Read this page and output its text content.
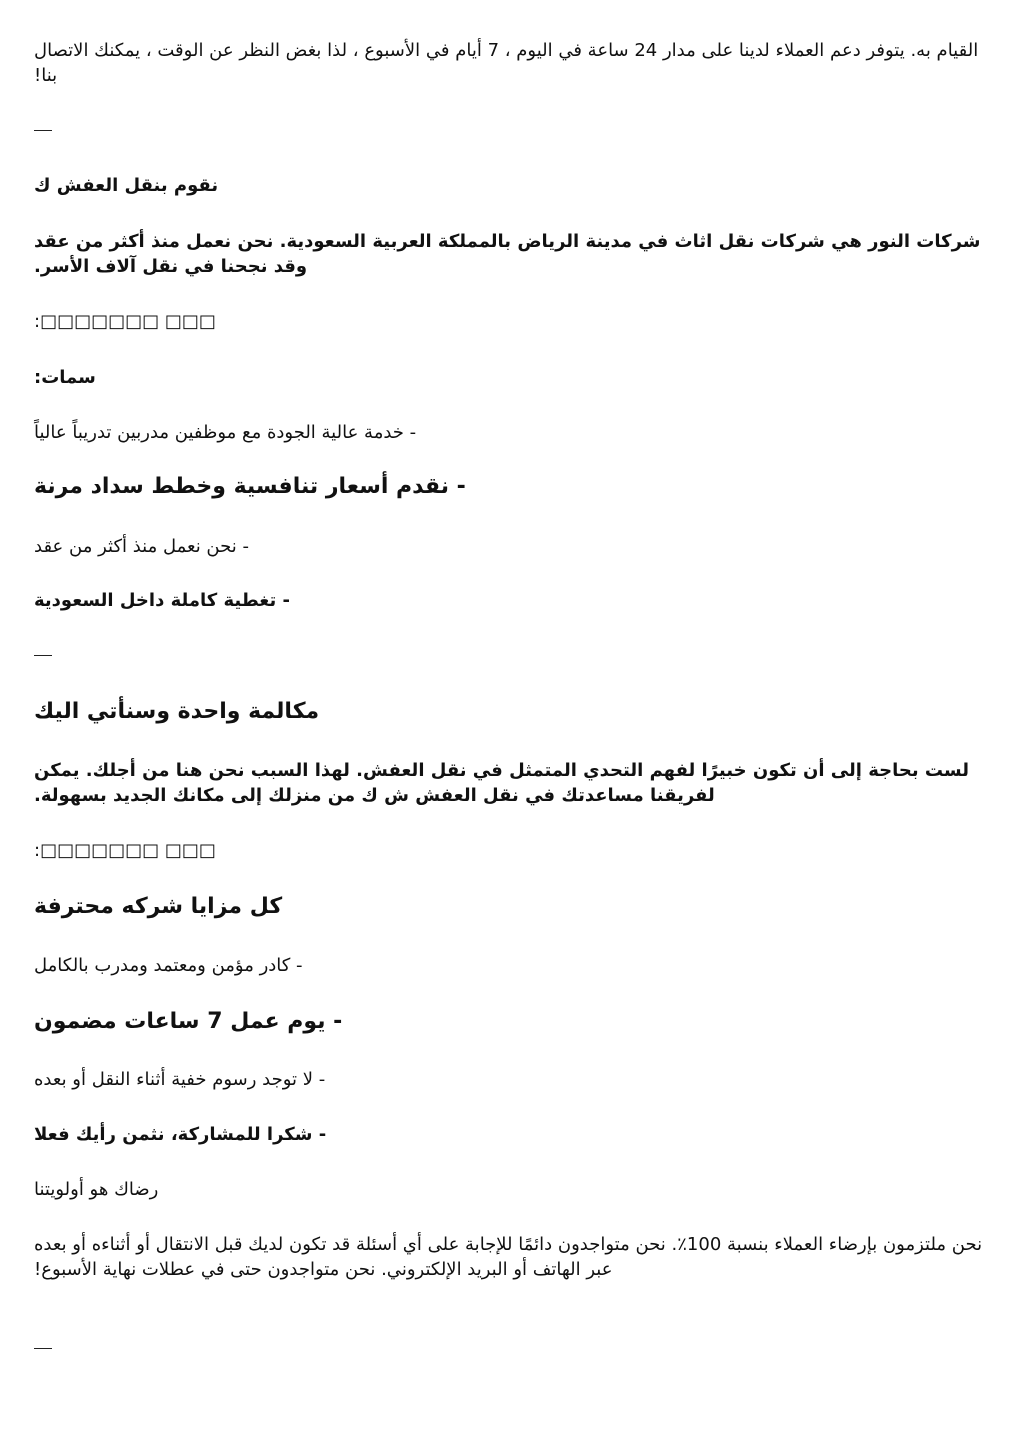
القيام به. يتوفر دعم العملاء لدينا على مدار 24 ساعة في اليوم ، 7 أيام في الأسبوع ، لذا بغض النظر عن الوقت ، يمكنك الاتصال بنا!

نقوم بنقل العفش ك

شركات النور هي شركات نقل اثاث في مدينة الرياض بالمملكة العربية السعودية. نحن نعمل منذ أكثر من عقد وقد نجحنا في نقل آلاف الأسر.

□□□ □□□□□□□:

سمات:

- خدمة عالية الجودة مع موظفين مدربين تدريباً عالياً

- نقدم أسعار تنافسية وخطط سداد مرنة

- نحن نعمل منذ أكثر من عقد

- تغطية كاملة داخل السعودية

مكالمة واحدة وسنأتي اليك

لست بحاجة إلى أن تكون خبيرًا لفهم التحدي المتمثل في نقل العفش. لهذا السبب نحن هنا من أجلك. يمكن لفريقنا مساعدتك في نقل العفش ش ك من منزلك إلى مكانك الجديد بسهولة.

□□□ □□□□□□□:

كل مزايا شركه محترفة

- كادر مؤمن ومعتمد ومدرب بالكامل

- يوم عمل 7 ساعات مضمون

- لا توجد رسوم خفية أثناء النقل أو بعده

- شكرا للمشاركة، نثمن رأيك فعلا

رضاك هو أولويتنا

نحن ملتزمون بإرضاء العملاء بنسبة 100٪. نحن متواجدون دائمًا للإجابة على أي أسئلة قد تكون لديك قبل الانتقال أو أثناءه أو بعده عبر الهاتف أو البريد الإلكتروني. نحن متواجدون حتى في عطلات نهاية الأسبوع!
